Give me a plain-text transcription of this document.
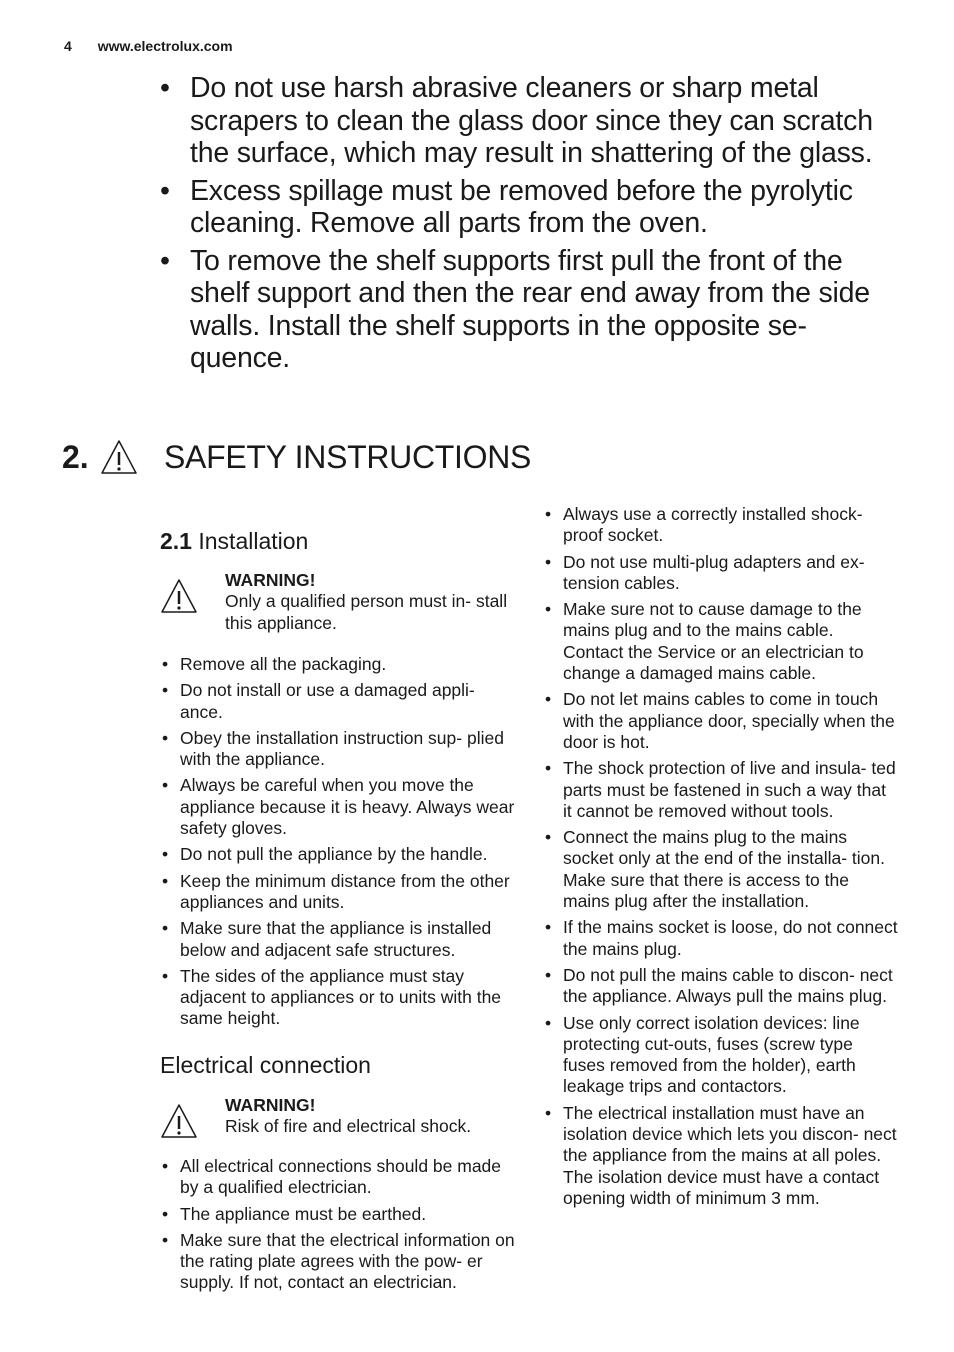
4 www.electrolux.com
• Do not use harsh abrasive cleaners or sharp metal scrapers to clean the glass door since they can scratch the surface, which may result in shattering of the glass.
• Excess spillage must be removed before the pyrolytic cleaning. Remove all parts from the oven.
• To remove the shelf supports first pull the front of the shelf support and then the rear end away from the side walls. Install the shelf supports in the opposite se- quence.
2.	SAFETY INSTRUCTIONS
2.1 Installation
WARNING!
Only a qualified person must in- stall this appliance.
• Remove all the packaging.
• Do not install or use a damaged appli- ance.
• Obey the installation instruction sup- plied with the appliance.
• Always be careful when you move the appliance because it is heavy. Always wear safety gloves.
• Do not pull the appliance by the handle.
• Keep the minimum distance from the other appliances and units.
• Make sure that the appliance is installed below and adjacent safe structures.
• The sides of the appliance must stay adjacent to appliances or to units with the same height.
Electrical connection
WARNING!
Risk of fire and electrical shock.
• All electrical connections should be made by a qualified electrician.
• The appliance must be earthed.
• Make sure that the electrical information on the rating plate agrees with the pow- er supply. If not, contact an electrician.
• Always use a correctly installed shock- proof socket.
• Do not use multi-plug adapters and ex- tension cables.
• Make sure not to cause damage to the mains plug and to the mains cable. Contact the Service or an electrician to change a damaged mains cable.
• Do not let mains cables to come in touch with the appliance door, specially when the door is hot.
• The shock protection of live and insula- ted parts must be fastened in such a way that it cannot be removed without tools.
• Connect the mains plug to the mains socket only at the end of the installa- tion. Make sure that there is access to the mains plug after the installation.
• If the mains socket is loose, do not connect the mains plug.
• Do not pull the mains cable to discon- nect the appliance. Always pull the mains plug.
• Use only correct isolation devices: line protecting cut-outs, fuses (screw type fuses removed from the holder), earth leakage trips and contactors.
• The electrical installation must have an isolation device which lets you discon- nect the appliance from the mains at all poles. The isolation device must have a contact opening width of minimum 3 mm.
